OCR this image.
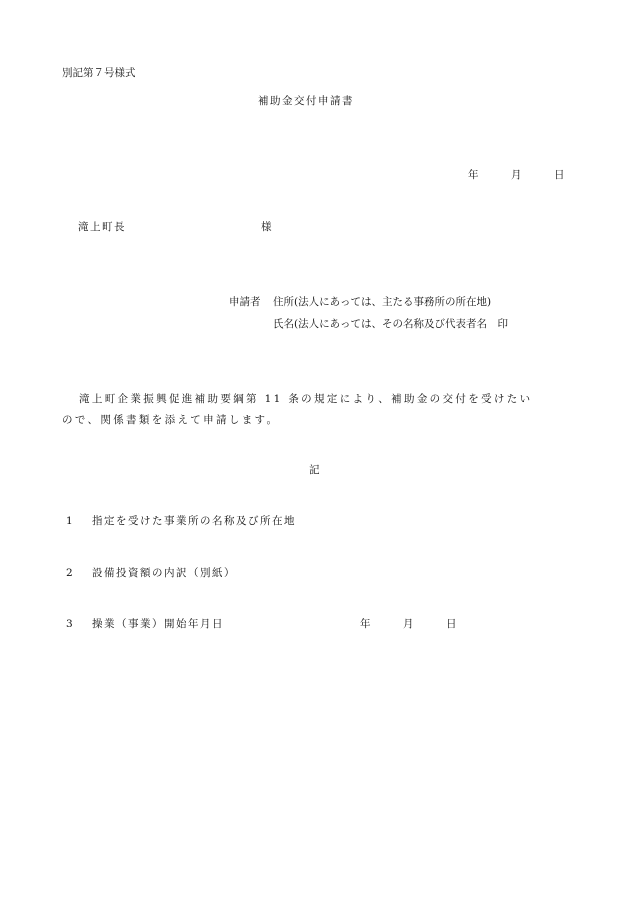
別記第７号様式
補助金交付申請書
年	月	日
滝上町長	様
申請者 住所(法人にあっては、主たる事務所の所在地)
氏名(法人にあっては、その名称及び代表者名　印
滝上町企業振興促進補助要綱第 11 条の規定により、補助金の交付を受けたい
ので、関係書類を添えて申請します。
記
1 指定を受けた事業所の名称及び所在地
2 設備投資額の内訳（別紙）
3 操業（事業）開始年月日	年	月	日
